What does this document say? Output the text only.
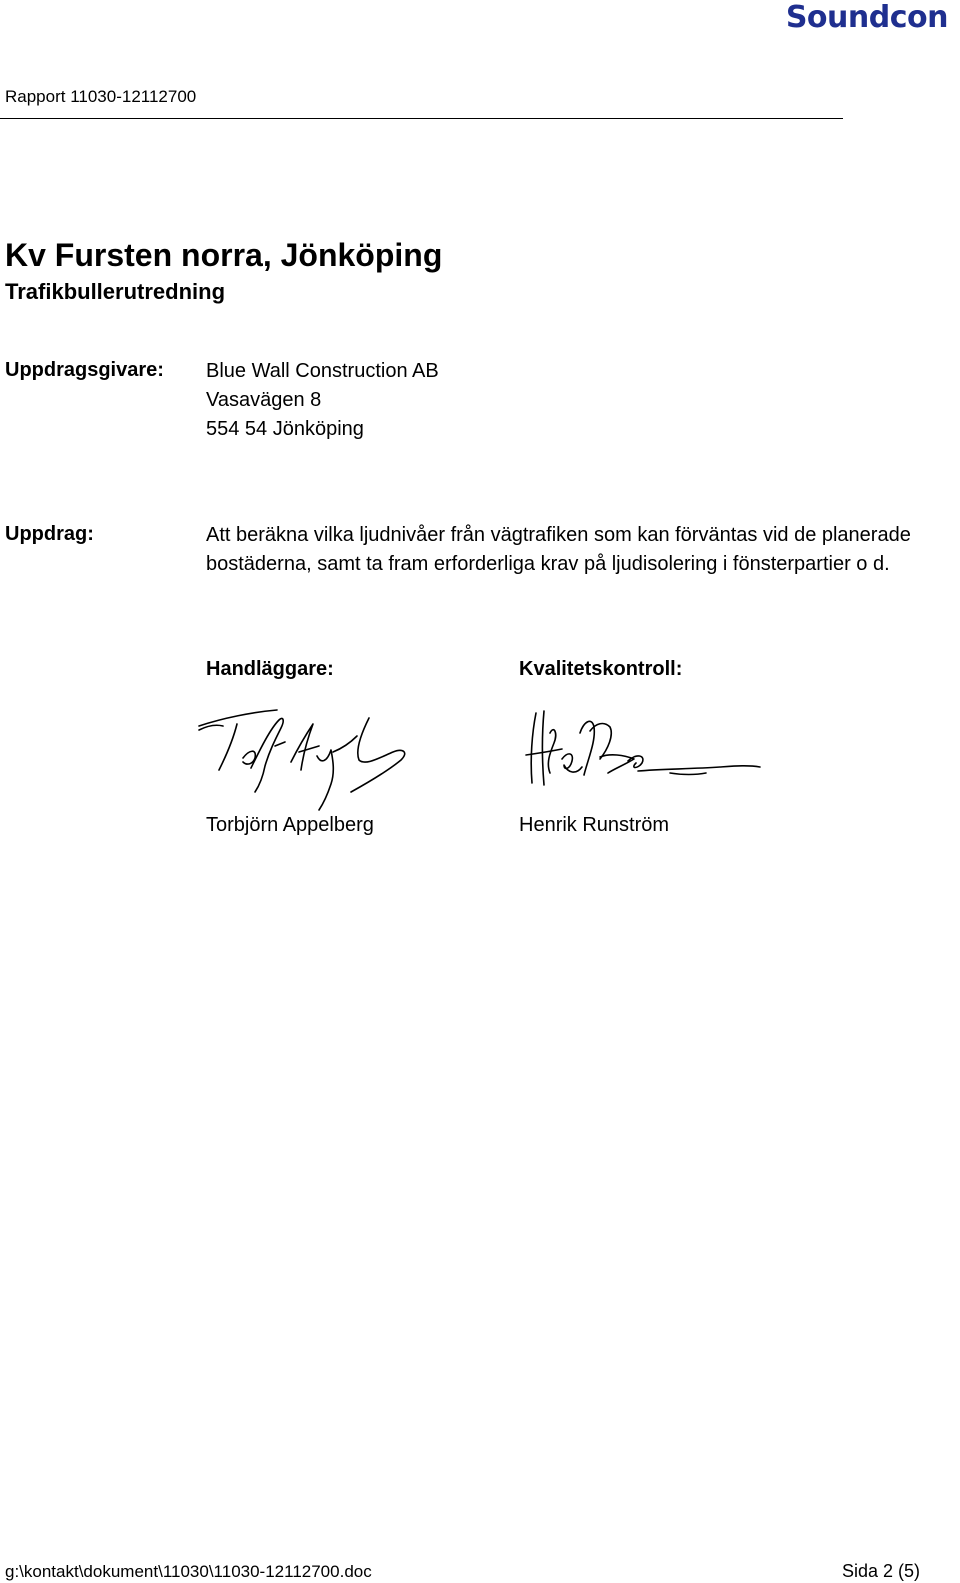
Soundcon
Rapport 11030-12112700
Kv Fursten norra, Jönköping
Trafikbullerutredning
Uppdragsgivare: Blue Wall Construction AB
Vasavägen 8
554 54 Jönköping
Uppdrag:	Att beräkna vilka ljudnivåer från vägtrafiken som kan förväntas vid de planerade bostäderna, samt ta fram erforderliga krav på ljudisolering i fönsterpartier o d.
Handläggare:	Kvalitetskontroll:
Torbjörn Appelberg	Henrik Runström
g:\kontakt\dokument\11030\11030-12112700.doc	Sida 2 (5)
